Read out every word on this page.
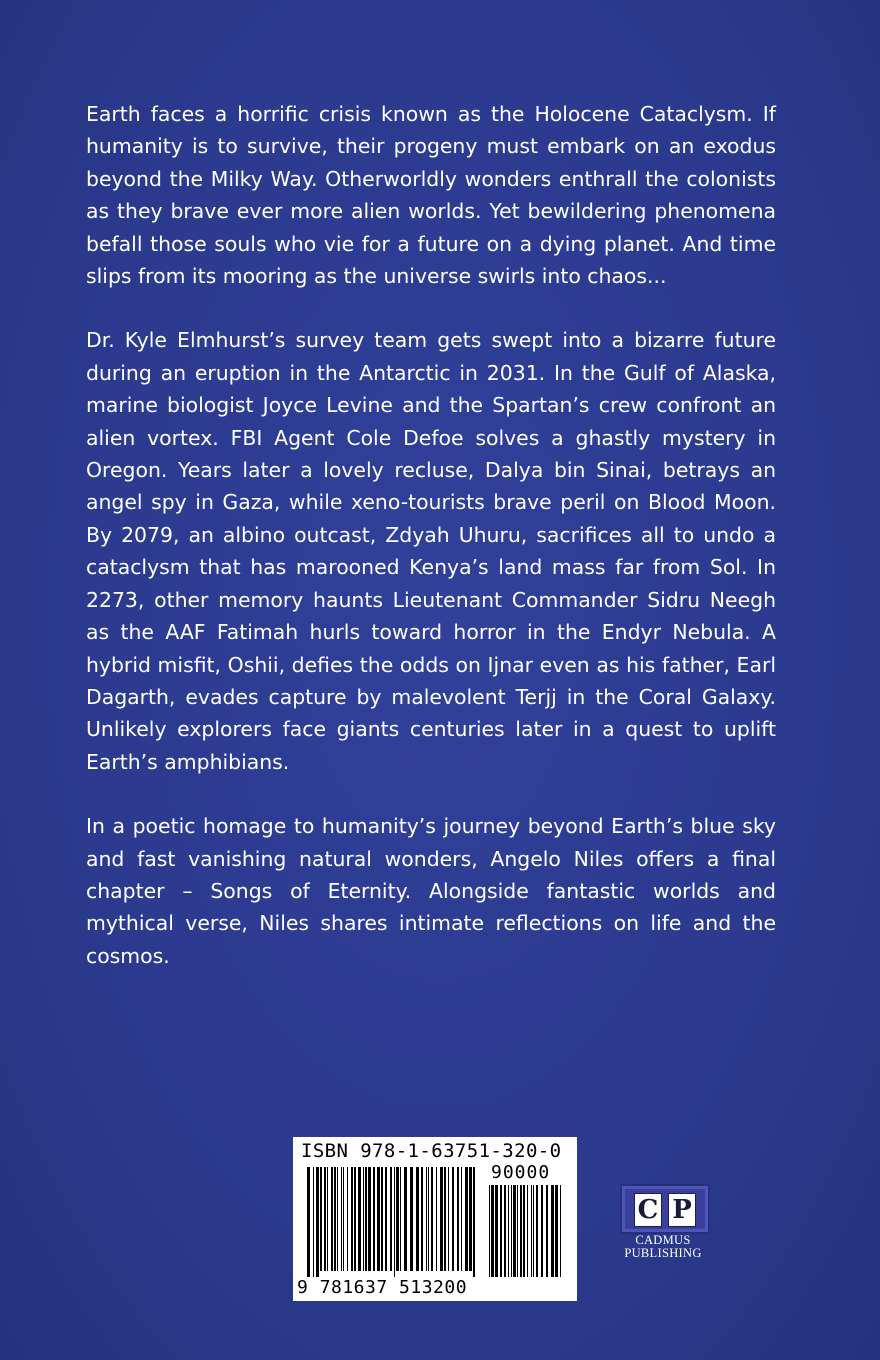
Earth faces a horrific crisis known as the Holocene Cataclysm. If humanity is to survive, their progeny must embark on an exodus beyond the Milky Way. Otherworldly wonders enthrall the colonists as they brave ever more alien worlds. Yet bewildering phenomena befall those souls who vie for a future on a dying planet. And time slips from its mooring as the universe swirls into chaos...

Dr. Kyle Elmhurst’s survey team gets swept into a bizarre future during an eruption in the Antarctic in 2031. In the Gulf of Alaska, marine biologist Joyce Levine and the Spartan’s crew confront an alien vortex. FBI Agent Cole Defoe solves a ghastly mystery in Oregon. Years later a lovely recluse, Dalya bin Sinai, betrays an angel spy in Gaza, while xeno-tourists brave peril on Blood Moon. By 2079, an albino outcast, Zdyah Uhuru, sacrifices all to undo a cataclysm that has marooned Kenya’s land mass far from Sol. In 2273, other memory haunts Lieutenant Commander Sidru Neegh as the AAF Fatimah hurls toward horror in the Endyr Nebula. A hybrid misfit, Oshii, defies the odds on Ijnar even as his father, Earl Dagarth, evades capture by malevolent Terjj in the Coral Galaxy. Unlikely explorers face giants centuries later in a quest to uplift Earth’s amphibians.

In a poetic homage to humanity’s journey beyond Earth’s blue sky and fast vanishing natural wonders, Angelo Niles offers a final chapter – Songs of Eternity. Alongside fantastic worlds and mythical verse, Niles shares intimate reflections on life and the cosmos.

ISBN 978-1-63751-320-0
90000
9 781637 513200
C P
CADMUS
PUBLISHING
